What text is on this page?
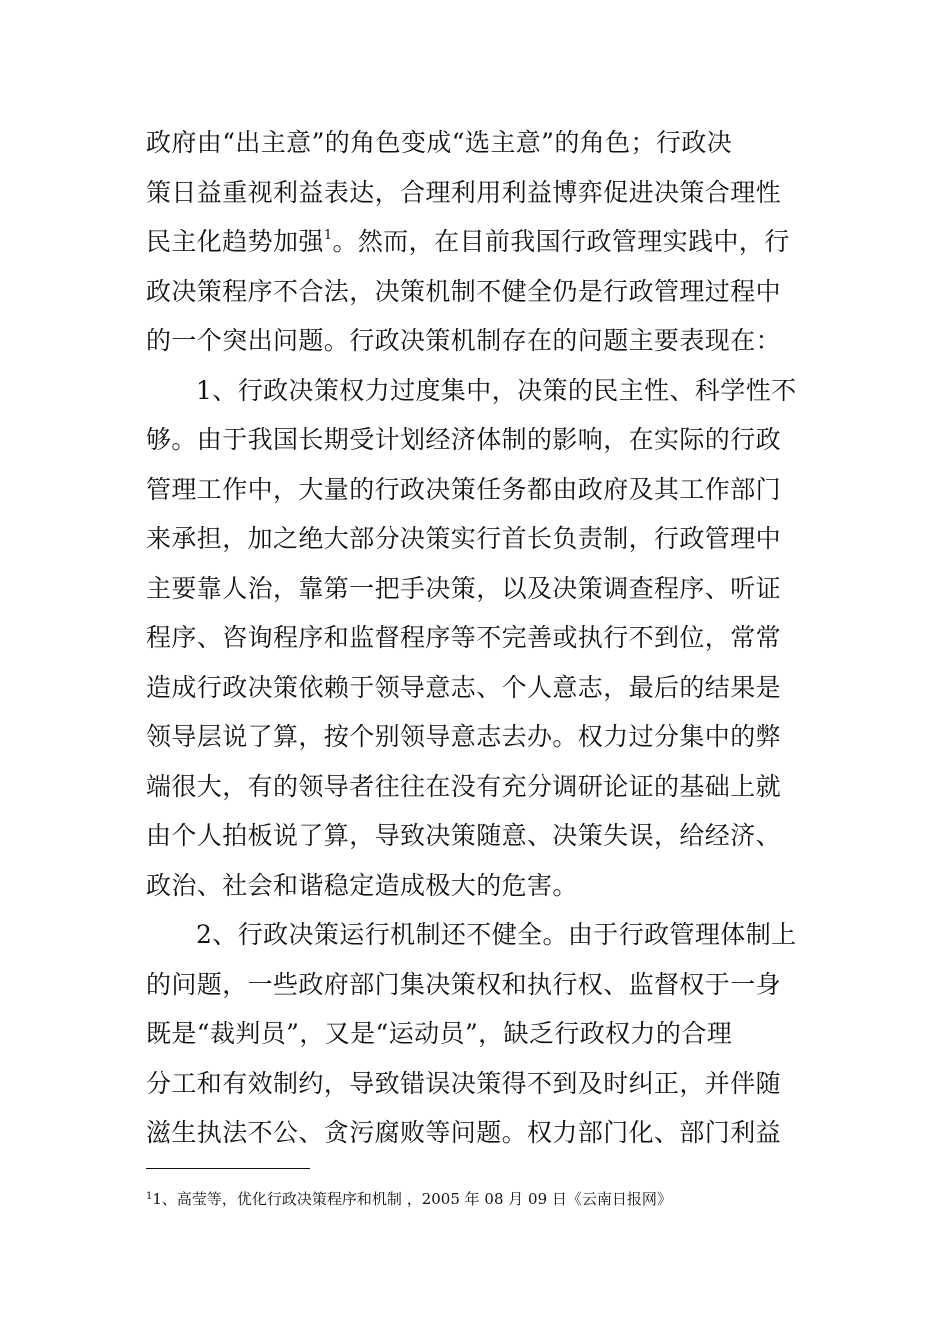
政府由“出主意”的角色变成“选主意”的角色；行政决
策日益重视利益表达，合理利用利益博弈促进决策合理性
民主化趋势加强$^1$。然而，在目前我国行政管理实践中，行
政决策程序不合法，决策机制不健全仍是行政管理过程中
的一个突出问题。行政决策机制存在的问题主要表现在：
1、行政决策权力过度集中，决策的民主性、科学性不
够。由于我国长期受计划经济体制的影响，在实际的行政
管理工作中，大量的行政决策任务都由政府及其工作部门
来承担，加之绝大部分决策实行首长负责制，行政管理中
主要靠人治，靠第一把手决策，以及决策调查程序、听证
程序、咨询程序和监督程序等不完善或执行不到位，常常
造成行政决策依赖于领导意志、个人意志，最后的结果是
领导层说了算，按个别领导意志去办。权力过分集中的弊
端很大，有的领导者往往在没有充分调研论证的基础上就
由个人拍板说了算，导致决策随意、决策失误，给经济、
政治、社会和谐稳定造成极大的危害。
2、行政决策运行机制还不健全。由于行政管理体制上
的问题，一些政府部门集决策权和执行权、监督权于一身
既是“裁判员”，又是“运动员”，缺乏行政权力的合理
分工和有效制约，导致错误决策得不到及时纠正，并伴随
滋生执法不公、贪污腐败等问题。权力部门化、部门利益
$^1$1、高莹等，优化行政决策程序和机制 ，2005 年 08 月 09 日《云南日报网》
